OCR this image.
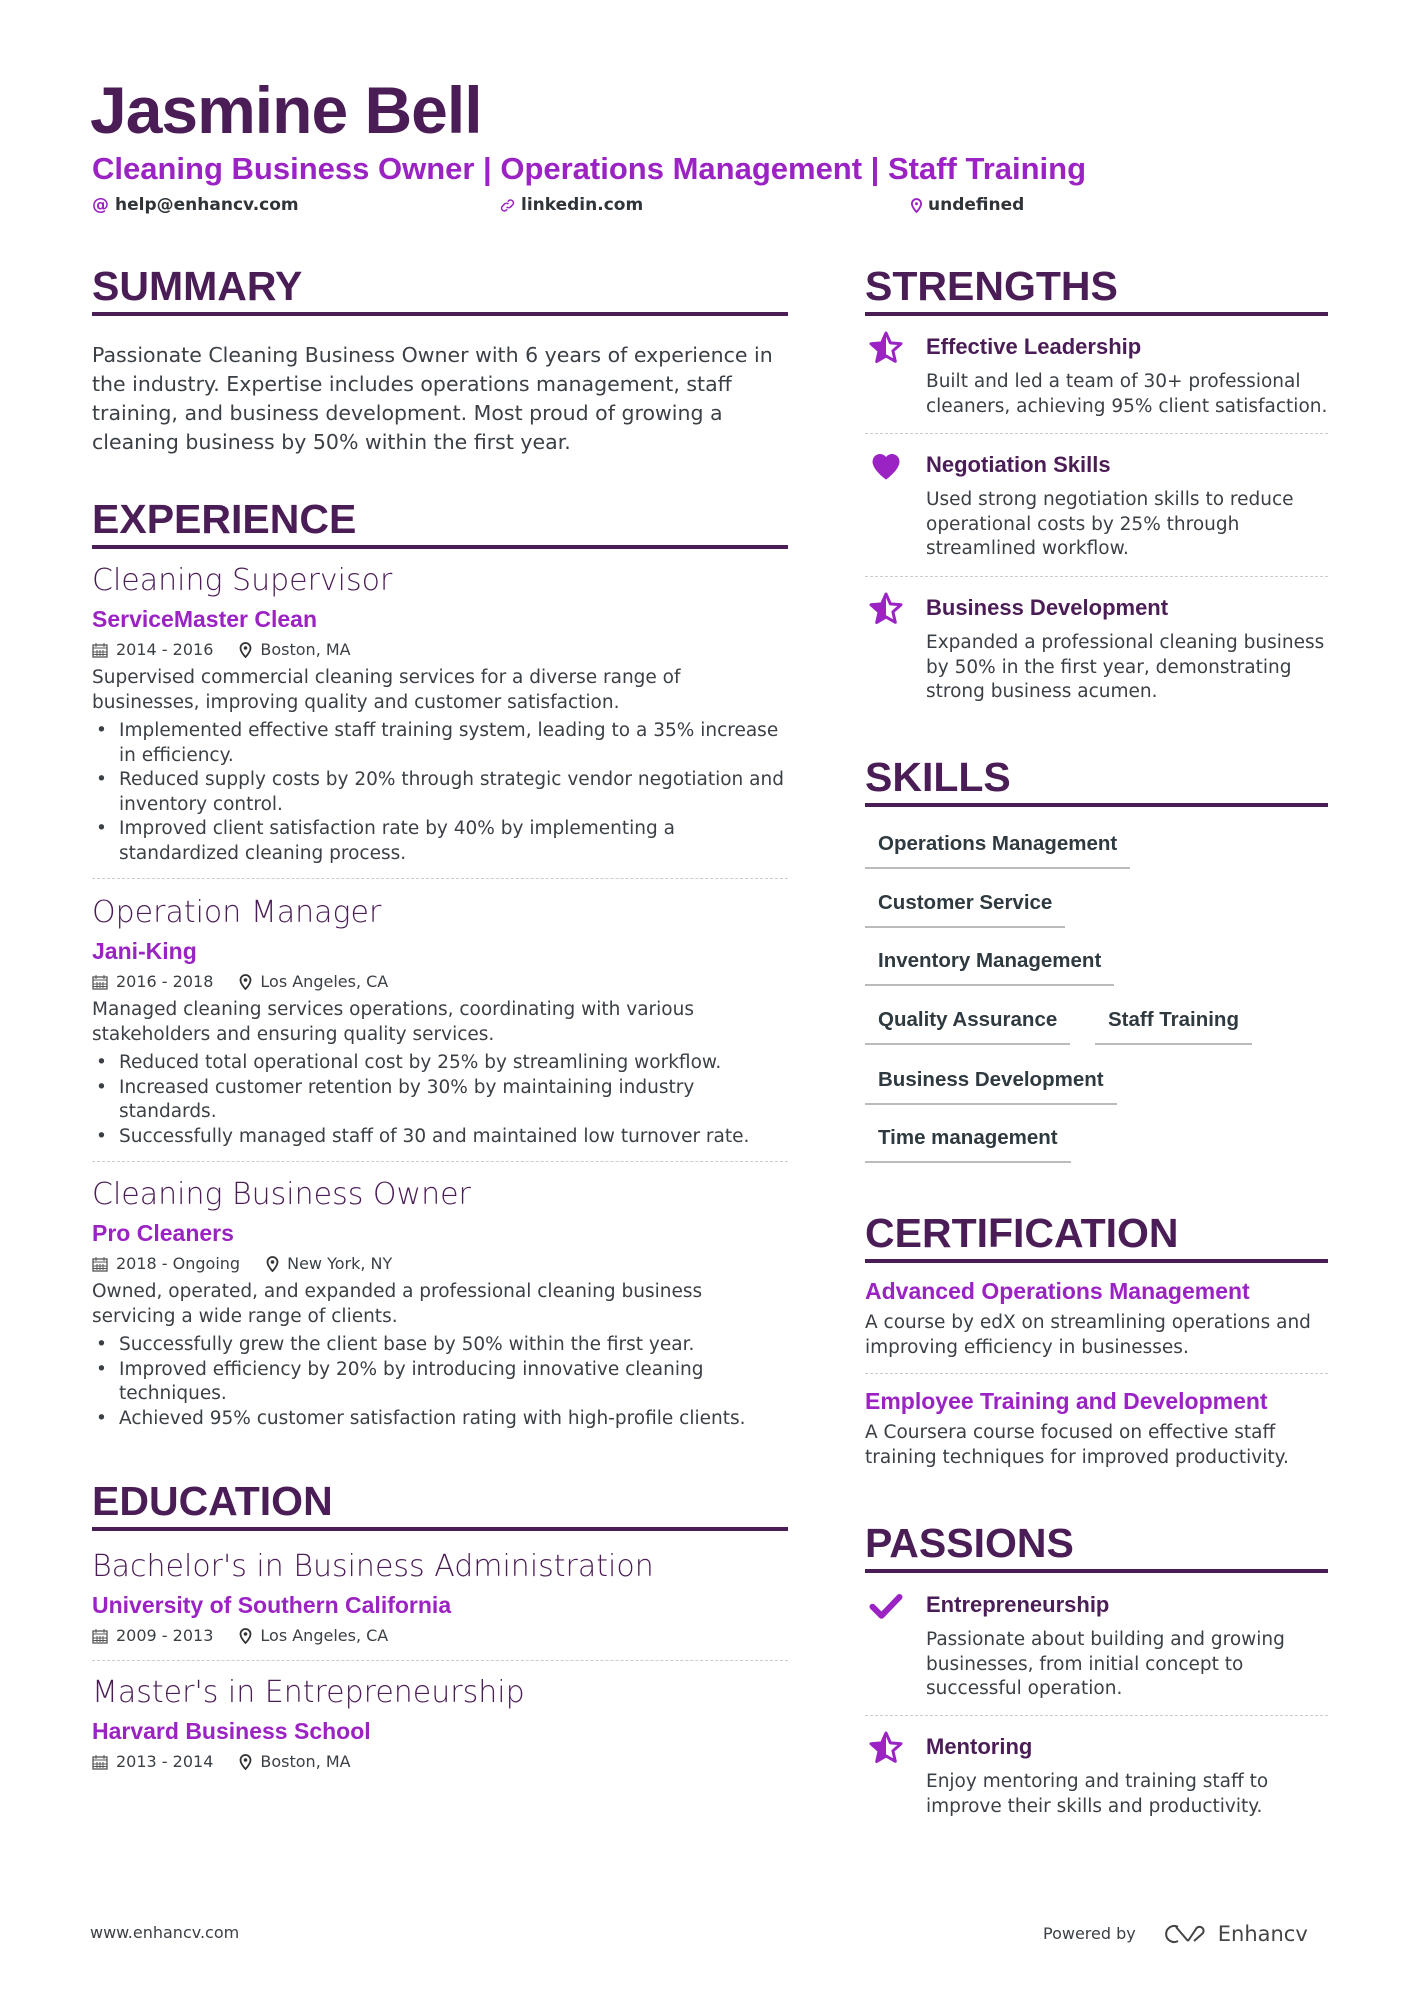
Jasmine Bell
Cleaning Business Owner | Operations Management | Staff Training
@ help@enhancv.com	linkedin.com	undefined
SUMMARY
Passionate Cleaning Business Owner with 6 years of experience in the industry. Expertise includes operations management, staff training, and business development. Most proud of growing a cleaning business by 50% within the first year.
EXPERIENCE
Cleaning Supervisor
ServiceMaster Clean
2014 - 2016	Boston, MA
Supervised commercial cleaning services for a diverse range of businesses, improving quality and customer satisfaction.
• Implemented effective staff training system, leading to a 35% increase in efficiency.
• Reduced supply costs by 20% through strategic vendor negotiation and inventory control.
• Improved client satisfaction rate by 40% by implementing a standardized cleaning process.
Operation Manager
Jani-King
2016 - 2018	Los Angeles, CA
Managed cleaning services operations, coordinating with various stakeholders and ensuring quality services.
• Reduced total operational cost by 25% by streamlining workflow.
• Increased customer retention by 30% by maintaining industry standards.
• Successfully managed staff of 30 and maintained low turnover rate.
Cleaning Business Owner
Pro Cleaners
2018 - Ongoing	New York, NY
Owned, operated, and expanded a professional cleaning business servicing a wide range of clients.
• Successfully grew the client base by 50% within the first year.
• Improved efficiency by 20% by introducing innovative cleaning techniques.
• Achieved 95% customer satisfaction rating with high-profile clients.
EDUCATION
Bachelor's in Business Administration
University of Southern California
2009 - 2013	Los Angeles, CA
Master's in Entrepreneurship
Harvard Business School
2013 - 2014	Boston, MA
STRENGTHS
Effective Leadership
Built and led a team of 30+ professional cleaners, achieving 95% client satisfaction.
Negotiation Skills
Used strong negotiation skills to reduce operational costs by 25% through streamlined workflow.
Business Development
Expanded a professional cleaning business by 50% in the first year, demonstrating strong business acumen.
SKILLS
Operations Management
Customer Service
Inventory Management
Quality Assurance	Staff Training
Business Development
Time management
CERTIFICATION
Advanced Operations Management
A course by edX on streamlining operations and improving efficiency in businesses.
Employee Training and Development
A Coursera course focused on effective staff training techniques for improved productivity.
PASSIONS
Entrepreneurship
Passionate about building and growing businesses, from initial concept to successful operation.
Mentoring
Enjoy mentoring and training staff to improve their skills and productivity.
www.enhancv.com	Powered by	Enhancv
